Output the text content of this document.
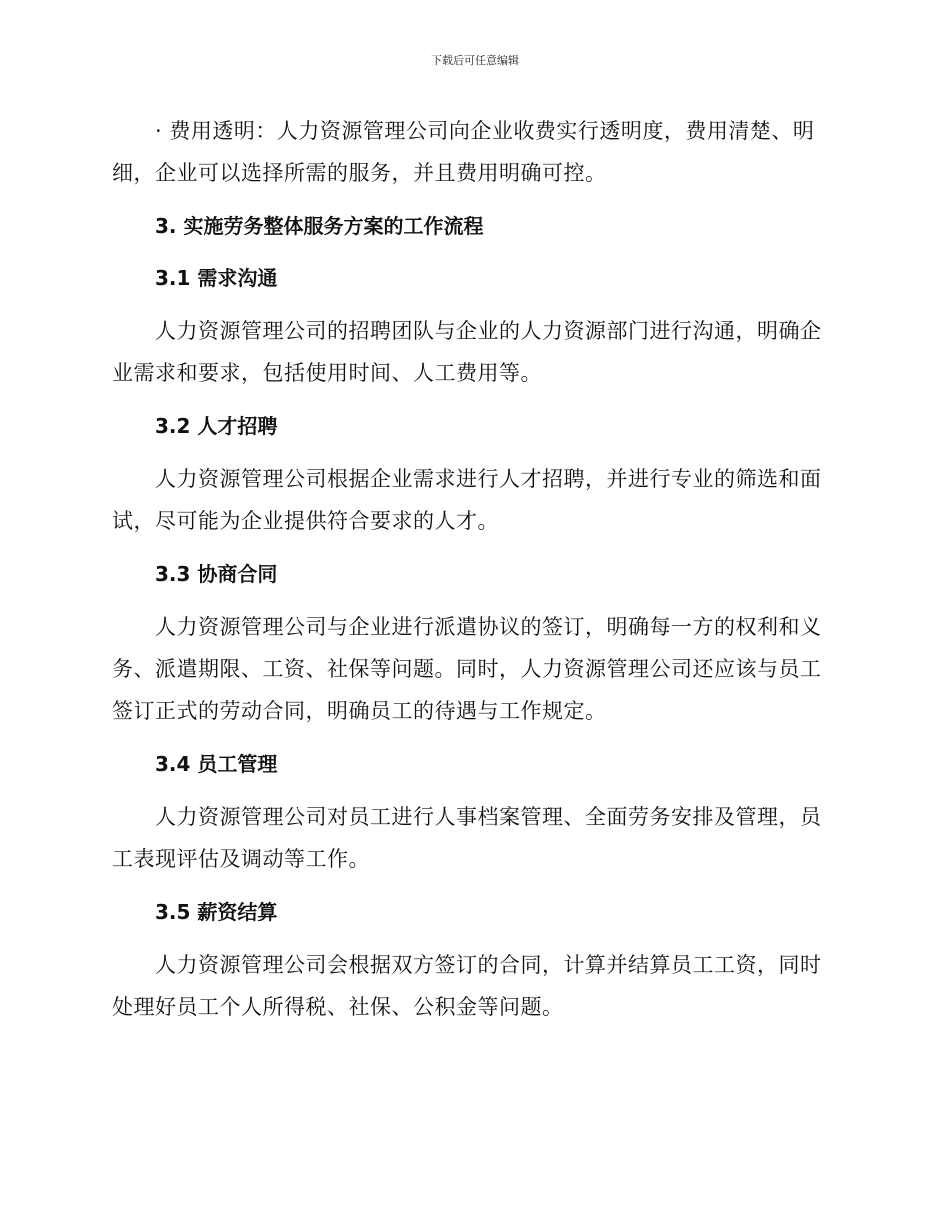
下载后可任意编辑

· 费用透明：人力资源管理公司向企业收费实行透明度，费用清楚、明细，企业可以选择所需的服务，并且费用明确可控。

3. 实施劳务整体服务方案的工作流程
3.1 需求沟通

人力资源管理公司的招聘团队与企业的人力资源部门进行沟通，明确企业需求和要求，包括使用时间、人工费用等。

3.2 人才招聘

人力资源管理公司根据企业需求进行人才招聘，并进行专业的筛选和面试，尽可能为企业提供符合要求的人才。

3.3 协商合同

人力资源管理公司与企业进行派遣协议的签订，明确每一方的权利和义务、派遣期限、工资、社保等问题。同时，人力资源管理公司还应该与员工签订正式的劳动合同，明确员工的待遇与工作规定。

3.4 员工管理

人力资源管理公司对员工进行人事档案管理、全面劳务安排及管理，员工表现评估及调动等工作。

3.5 薪资结算

人力资源管理公司会根据双方签订的合同，计算并结算员工工资，同时处理好员工个人所得税、社保、公积金等问题。
